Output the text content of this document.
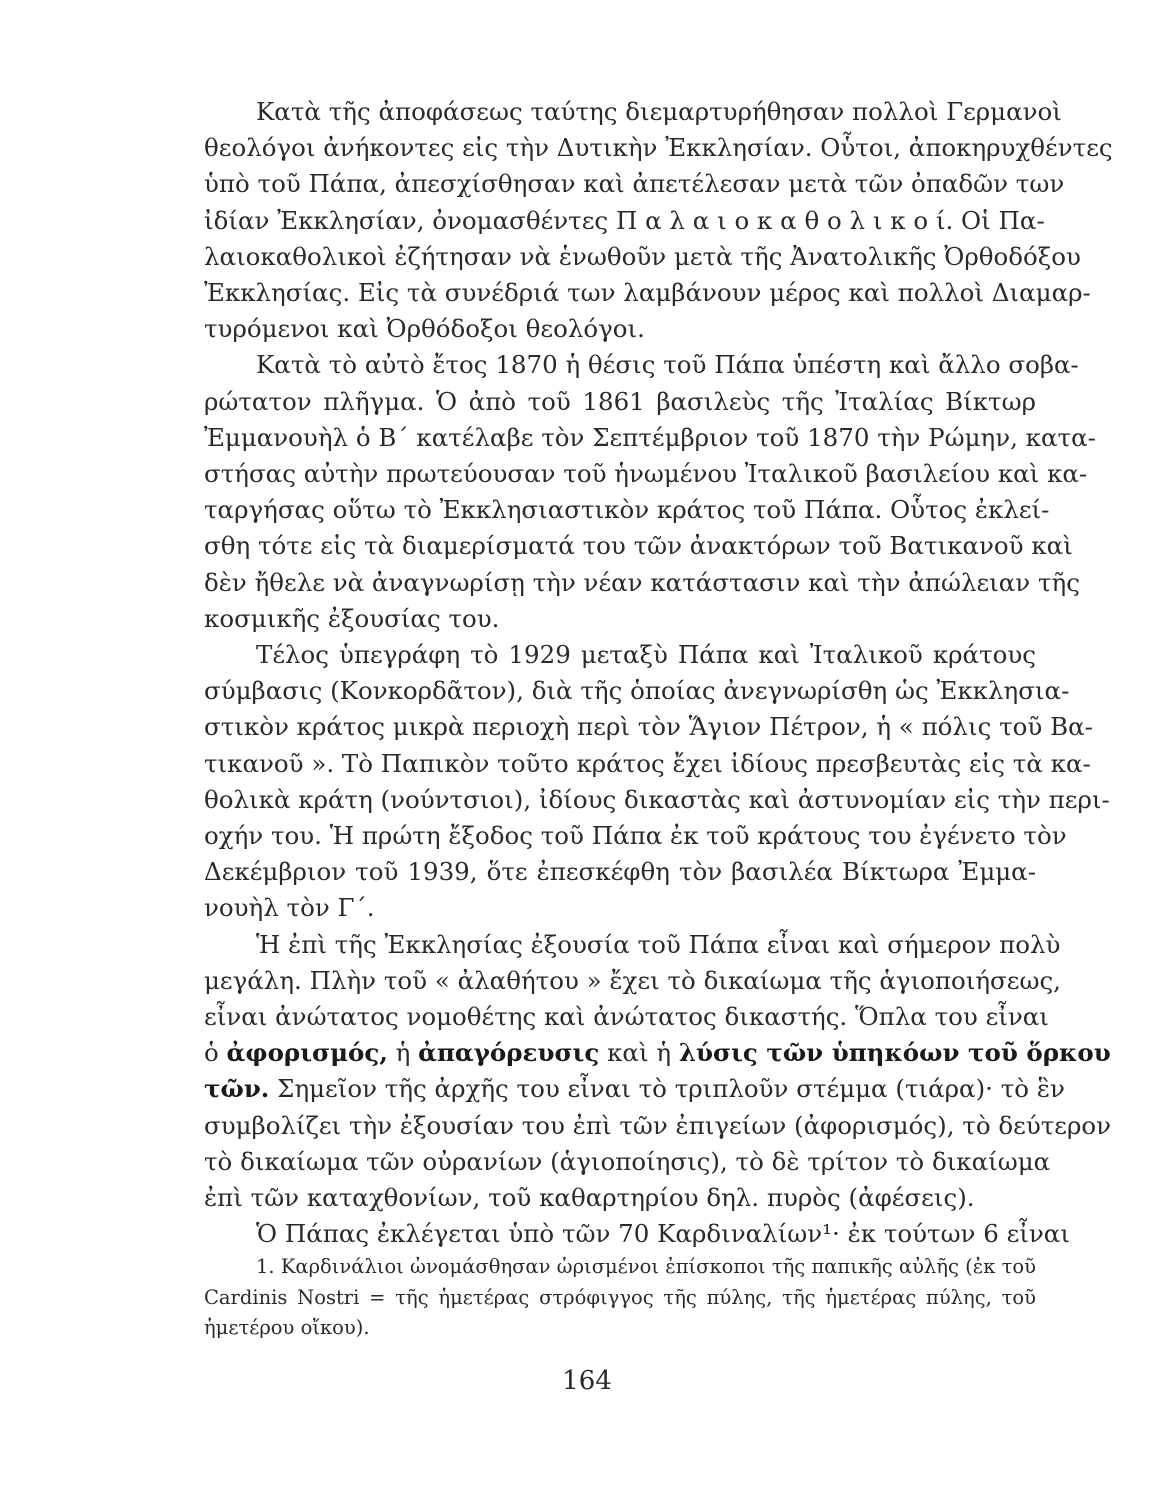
Κατὰ τῆς ἀποφάσεως ταύτης διεμαρτυρήθησαν πολλοὶ Γερμανοὶ

θεολόγοι ἀνήκοντες εἰς τὴν Δυτικὴν Ἐκκλησίαν. Οὗτοι, ἀποκηρυχθέντες

ὑπὸ τοῦ Πάπα, ἀπεσχίσθησαν καὶ ἀπετέλεσαν μετὰ τῶν ὀπαδῶν των

ἰδίαν Ἐκκλησίαν, ὀνομασθέντες Π α λ α ι ο κ α θ ο λ ι κ ο ί. Οἱ Πα-

λαιοκαθολικοὶ ἐζήτησαν νὰ ἑνωθοῦν μετὰ τῆς Ἀνατολικῆς Ὀρθοδόξου

Ἐκκλησίας. Εἰς τὰ συνέδριά των λαμβάνουν μέρος καὶ πολλοὶ Διαμαρ-

τυρόμενοι καὶ Ὀρθόδοξοι θεολόγοι.

Κατὰ τὸ αὐτὸ ἔτος 1870 ἡ θέσις τοῦ Πάπα ὑπέστη καὶ ἄλλο σοβα-

ρώτατον πλῆγμα. Ὁ ἀπὸ τοῦ 1861 βασιλεὺς τῆς Ἰταλίας Βίκτωρ

Ἐμμανουὴλ ὁ Β΄ κατέλαβε τὸν Σεπτέμβριον τοῦ 1870 τὴν Ρώμην, κατα-

στήσας αὐτὴν πρωτεύουσαν τοῦ ἡνωμένου Ἰταλικοῦ βασιλείου καὶ κα-

ταργήσας οὕτω τὸ Ἐκκλησιαστικὸν κράτος τοῦ Πάπα. Οὗτος ἐκλεί-

σθη τότε εἰς τὰ διαμερίσματά του τῶν ἀνακτόρων τοῦ Βατικανοῦ καὶ

δὲν ἤθελε νὰ ἀναγνωρίσῃ τὴν νέαν κατάστασιν καὶ τὴν ἀπώλειαν τῆς

κοσμικῆς ἐξουσίας του.

Τέλος ὑπεγράφη τὸ 1929 μεταξὺ Πάπα καὶ Ἰταλικοῦ κράτους

σύμβασις (Κονκορδᾶτον), διὰ τῆς ὁποίας ἀνεγνωρίσθη ὡς Ἐκκλησια-

στικὸν κράτος μικρὰ περιοχὴ περὶ τὸν Ἅγιον Πέτρον, ἡ « πόλις τοῦ Βα-

τικανοῦ ». Τὸ Παπικὸν τοῦτο κράτος ἔχει ἰδίους πρεσβευτὰς εἰς τὰ κα-

θολικὰ κράτη (νούντσιοι), ἰδίους δικαστὰς καὶ ἀστυνομίαν εἰς τὴν περι-

οχήν του. Ἡ πρώτη ἔξοδος τοῦ Πάπα ἐκ τοῦ κράτους του ἐγένετο τὸν

Δεκέμβριον τοῦ 1939, ὅτε ἐπεσκέφθη τὸν βασιλέα Βίκτωρα Ἐμμα-

νουὴλ τὸν Γ΄.

Ἡ ἐπὶ τῆς Ἐκκλησίας ἐξουσία τοῦ Πάπα εἶναι καὶ σήμερον πολὺ

μεγάλη. Πλὴν τοῦ « ἀλαθήτου » ἔχει τὸ δικαίωμα τῆς ἁγιοποιήσεως,

εἶναι ἀνώτατος νομοθέτης καὶ ἀνώτατος δικαστής. Ὅπλα του εἶναι

ὁ ἀφορισμός, ἡ ἀπαγόρευσις καὶ ἡ λύσις τῶν ὑπηκόων τοῦ ὅρκου

τῶν. Σημεῖον τῆς ἀρχῆς του εἶναι τὸ τριπλοῦν στέμμα (τιάρα)· τὸ ἓν

συμβολίζει τὴν ἐξουσίαν του ἐπὶ τῶν ἐπιγείων (ἀφορισμός), τὸ δεύτερον

τὸ δικαίωμα τῶν οὐρανίων (ἁγιοποίησις), τὸ δὲ τρίτον τὸ δικαίωμα

ἐπὶ τῶν καταχθονίων, τοῦ καθαρτηρίου δηλ. πυρὸς (ἀφέσεις).

Ὁ Πάπας ἐκλέγεται ὑπὸ τῶν 70 Καρδιναλίων¹· ἐκ τούτων 6 εἶναι

1. Καρδινάλιοι ὠνομάσθησαν ὡρισμένοι ἐπίσκοποι τῆς παπικῆς αὐλῆς (ἐκ τοῦ

Cardinis Nostri = τῆς ἡμετέρας στρόφιγγος τῆς πύλης, τῆς ἡμετέρας πύλης, τοῦ

ἡμετέρου οἴκου).

164
